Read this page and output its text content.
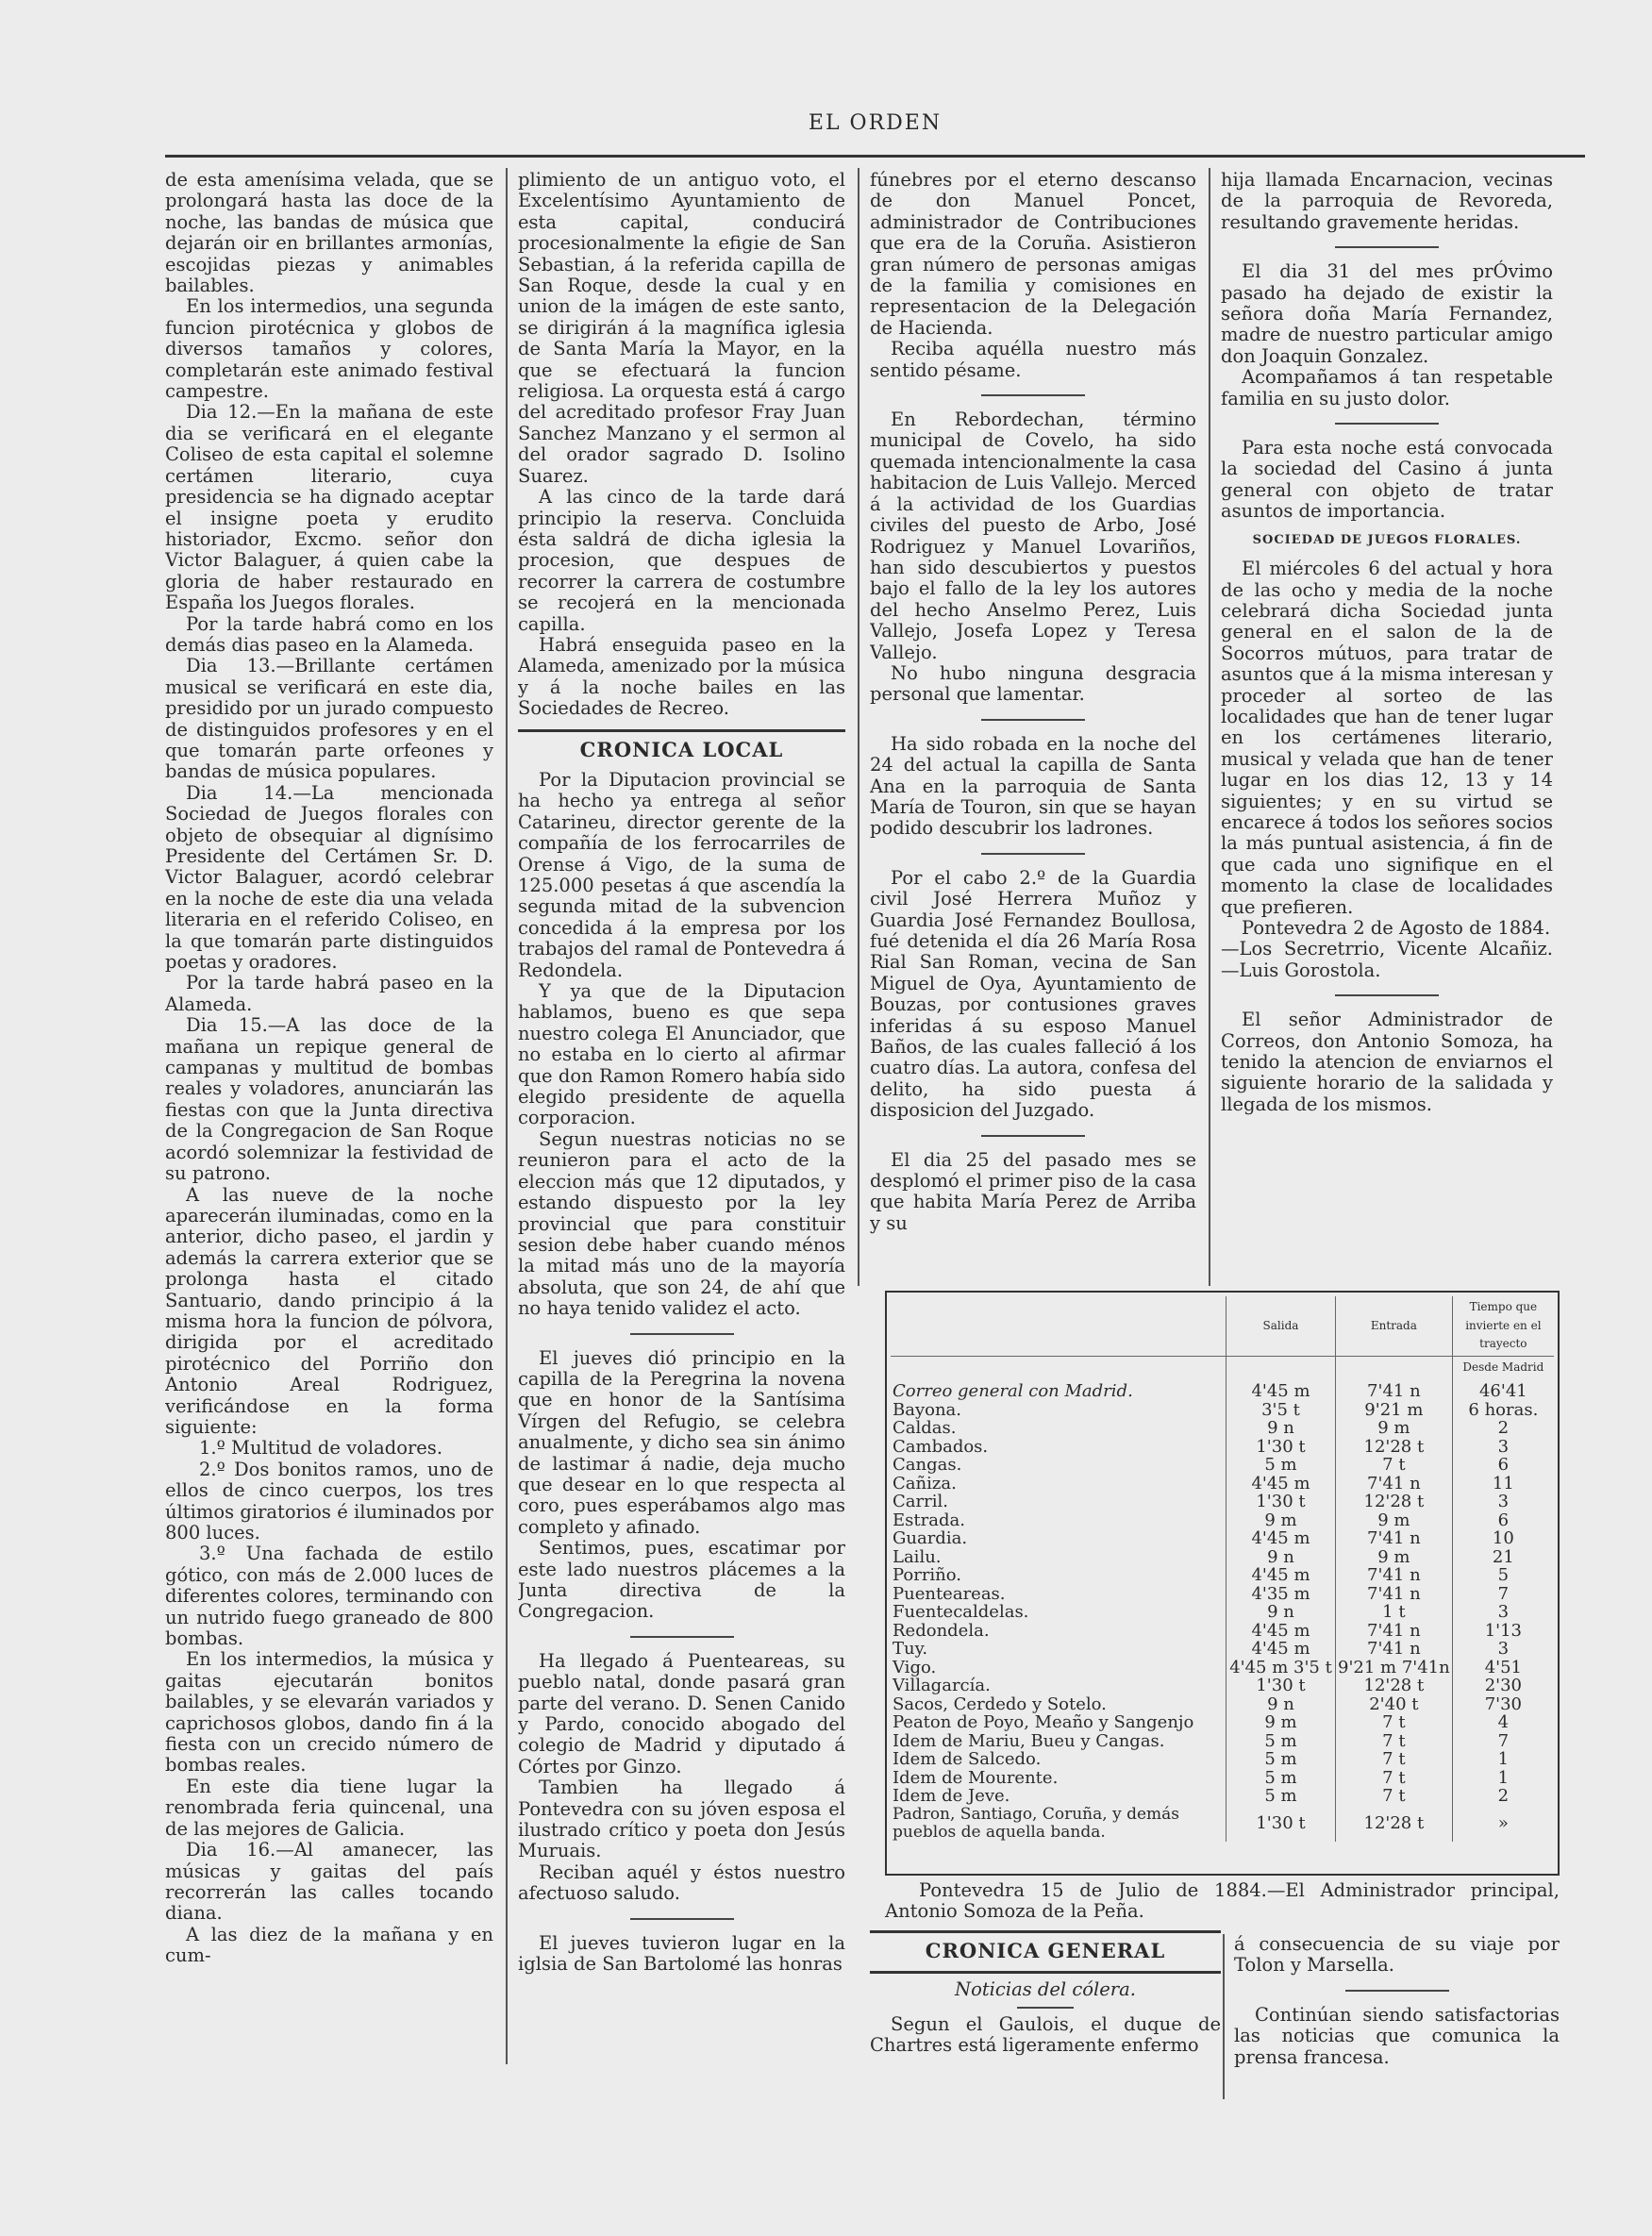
EL ORDEN

de esta amenísima velada, que se prolongará hasta las doce de la noche, las bandas de música que dejarán oir en brillantes armonías, escojidas piezas y animables bailables.

En los intermedios, una segunda funcion pirotécnica y globos de diversos tamaños y colores, completarán este animado festival campestre.

Dia 12.—En la mañana de este dia se verificará en el elegante Coliseo de esta capital el solemne certámen literario, cuya presidencia se ha dignado aceptar el insigne poeta y erudito historiador, Excmo. señor don Victor Balaguer, á quien cabe la gloria de haber restaurado en España los Juegos florales.

Por la tarde habrá como en los demás dias paseo en la Alameda.

Dia 13.—Brillante certámen musical se verificará en este dia, presidido por un jurado compuesto de distinguidos profesores y en el que tomarán parte orfeones y bandas de música populares.

Dia 14.—La mencionada Sociedad de Juegos florales con objeto de obsequiar al dignísimo Presidente del Certámen Sr. D. Victor Balaguer, acordó celebrar en la noche de este dia una velada literaria en el referido Coliseo, en la que tomarán parte distinguidos poetas y oradores.

Por la tarde habrá paseo en la Alameda.

Dia 15.—A las doce de la mañana un repique general de campanas y multitud de bombas reales y voladores, anunciarán las fiestas con que la Junta directiva de la Congregacion de San Roque acordó solemnizar la festividad de su patrono.

A las nueve de la noche aparecerán iluminadas, como en la anterior, dicho paseo, el jardin y además la carrera exterior que se prolonga hasta el citado Santuario, dando principio á la misma hora la funcion de pólvora, dirigida por el acreditado pirotécnico del Porriño don Antonio Areal Rodriguez, verificándose en la forma siguiente:

1.º Multitud de voladores.

2.º Dos bonitos ramos, uno de ellos de cinco cuerpos, los tres últimos giratorios é iluminados por 800 luces.

3.º Una fachada de estilo gótico, con más de 2.000 luces de diferentes colores, terminando con un nutrido fuego graneado de 800 bombas.

En los intermedios, la música y gaitas ejecutarán bonitos bailables, y se elevarán variados y caprichosos globos, dando fin á la fiesta con un crecido número de bombas reales.

En este dia tiene lugar la renombrada feria quincenal, una de las mejores de Galicia.

Dia 16.—Al amanecer, las músicas y gaitas del país recorrerán las calles tocando diana.

A las diez de la mañana y en cum-

plimiento de un antiguo voto, el Excelentísimo Ayuntamiento de esta capital, conducirá procesionalmente la efigie de San Sebastian, á la referida capilla de San Roque, desde la cual y en union de la imágen de este santo, se dirigirán á la magnífica iglesia de Santa María la Mayor, en la que se efectuará la funcion religiosa. La orquesta está á cargo del acreditado profesor Fray Juan Sanchez Manzano y el sermon al del orador sagrado D. Isolino Suarez.

A las cinco de la tarde dará principio la reserva. Concluida ésta saldrá de dicha iglesia la procesion, que despues de recorrer la carrera de costumbre se recojerá en la mencionada capilla.

Habrá enseguida paseo en la Alameda, amenizado por la música y á la noche bailes en las Sociedades de Recreo.

CRONICA LOCAL

Por la Diputacion provincial se ha hecho ya entrega al señor Catarineu, director gerente de la compañía de los ferrocarriles de Orense á Vigo, de la suma de 125.000 pesetas á que ascendía la segunda mitad de la subvencion concedida á la empresa por los trabajos del ramal de Pontevedra á Redondela.

Y ya que de la Diputacion hablamos, bueno es que sepa nuestro colega El Anunciador, que no estaba en lo cierto al afirmar que don Ramon Romero había sido elegido presidente de aquella corporacion.

Segun nuestras noticias no se reunieron para el acto de la eleccion más que 12 diputados, y estando dispuesto por la ley provincial que para constituir sesion debe haber cuando ménos la mitad más uno de la mayoría absoluta, que son 24, de ahí que no haya tenido validez el acto.

El jueves dió principio en la capilla de la Peregrina la novena que en honor de la Santísima Vírgen del Refugio, se celebra anualmente, y dicho sea sin ánimo de lastimar á nadie, deja mucho que desear en lo que respecta al coro, pues esperábamos algo mas completo y afinado.

Sentimos, pues, escatimar por este lado nuestros plácemes a la Junta directiva de la Congregacion.

Ha llegado á Puenteareas, su pueblo natal, donde pasará gran parte del verano. D. Senen Canido y Pardo, conocido abogado del colegio de Madrid y diputado á Córtes por Ginzo.

Tambien ha llegado á Pontevedra con su jóven esposa el ilustrado crítico y poeta don Jesús Muruais.

Reciban aquél y éstos nuestro afectuoso saludo.

El jueves tuvieron lugar en la iglsia de San Bartolomé las honras

fúnebres por el eterno descanso de don Manuel Poncet, administrador de Contribuciones que era de la Coruña. Asistieron gran número de personas amigas de la familia y comisiones en representacion de la Delegación de Hacienda.

Reciba aquélla nuestro más sentido pésame.

En Rebordechan, término municipal de Covelo, ha sido quemada intencionalmente la casa habitacion de Luis Vallejo. Merced á la actividad de los Guardias civiles del puesto de Arbo, José Rodriguez y Manuel Lovariños, han sido descubiertos y puestos bajo el fallo de la ley los autores del hecho Anselmo Perez, Luis Vallejo, Josefa Lopez y Teresa Vallejo.

No hubo ninguna desgracia personal que lamentar.

Ha sido robada en la noche del 24 del actual la capilla de Santa Ana en la parroquia de Santa María de Touron, sin que se hayan podido descubrir los ladrones.

Por el cabo 2.º de la Guardia civil José Herrera Muñoz y Guardia José Fernandez Boullosa, fué detenida el día 26 María Rosa Rial San Roman, vecina de San Miguel de Oya, Ayuntamiento de Bouzas, por contusiones graves inferidas á su esposo Manuel Baños, de las cuales falleció á los cuatro días. La autora, confesa del delito, ha sido puesta á disposicion del Juzgado.

El dia 25 del pasado mes se desplomó el primer piso de la casa que habita María Perez de Arriba y su

hija llamada Encarnacion, vecinas de la parroquia de Revoreda, resultando gravemente heridas.

El dia 31 del mes prÓvimo pasado ha dejado de existir la señora doña María Fernandez, madre de nuestro particular amigo don Joaquin Gonzalez.

Acompañamos á tan respetable familia en su justo dolor.

Para esta noche está convocada la sociedad del Casino á junta general con objeto de tratar asuntos de importancia.

SOCIEDAD DE JUEGOS FLORALES.

El miércoles 6 del actual y hora de las ocho y media de la noche celebrará dicha Sociedad junta general en el salon de la de Socorros mútuos, para tratar de asuntos que á la misma interesan y proceder al sorteo de las localidades que han de tener lugar en los certámenes literario, musical y velada que han de tener lugar en los dias 12, 13 y 14 siguientes; y en su virtud se encarece á todos los señores socios la más puntual asistencia, á fin de que cada uno signifique en el momento la clase de localidades que prefieren.

Pontevedra 2 de Agosto de 1884.

—Los Secretrrio, Vicente Alcañiz. —Luis Gorostola.

El señor Administrador de Correos, don Antonio Somoza, ha tenido la atencion de enviarnos el siguiente horario de la salidada y llegada de los mismos.

	Salida	Entrada	Tiempo que invierte en el trayecto

			Desde Madrid
Correo general con Madrid.	4'45 m	7'41 n	46'41
Bayona.	3'5 t	9'21 m	6 horas.
Caldas.	9 n	9 m	2
Cambados.	1'30 t	12'28 t	3
Cangas.	5 m	7 t	6
Cañiza.	4'45 m	7'41 n	11
Carril.	1'30 t	12'28 t	3
Estrada.	9 m	9 m	6
Guardia.	4'45 m	7'41 n	10
Lailu.	9 n	9 m	21
Porriño.	4'45 m	7'41 n	5
Puenteareas.	4'35 m	7'41 n	7
Fuentecaldelas.	9 n	1 t	3
Redondela.	4'45 m	7'41 n	1'13
Tuy.	4'45 m	7'41 n	3
Vigo.	4'45 m 3'5 t	9'21 m 7'41n	4'51
Villagarcía.	1'30 t	12'28 t	2'30
Sacos, Cerdedo y Sotelo.	9 n	2'40 t	7'30
Peaton de Poyo, Meaño y Sangenjo	9 m	7 t	4
Idem de Mariu, Bueu y Cangas.	5 m	7 t	7
Idem de Salcedo.	5 m	7 t	1
Idem de Mourente.	5 m	7 t	1
Idem de Jeve.	5 m	7 t	2
Padron, Santiago, Coruña, y demás pueblos de aquella banda.	1'30 t	12'28 t	»

Pontevedra 15 de Julio de 1884.—El Administrador principal, Antonio Somoza de la Peña.

CRONICA GENERAL

Noticias del cólera.

Segun el Gaulois, el duque de Chartres está ligeramente enfermo

á consecuencia de su viaje por Tolon y Marsella.

Continúan siendo satisfactorias las noticias que comunica la prensa francesa.
